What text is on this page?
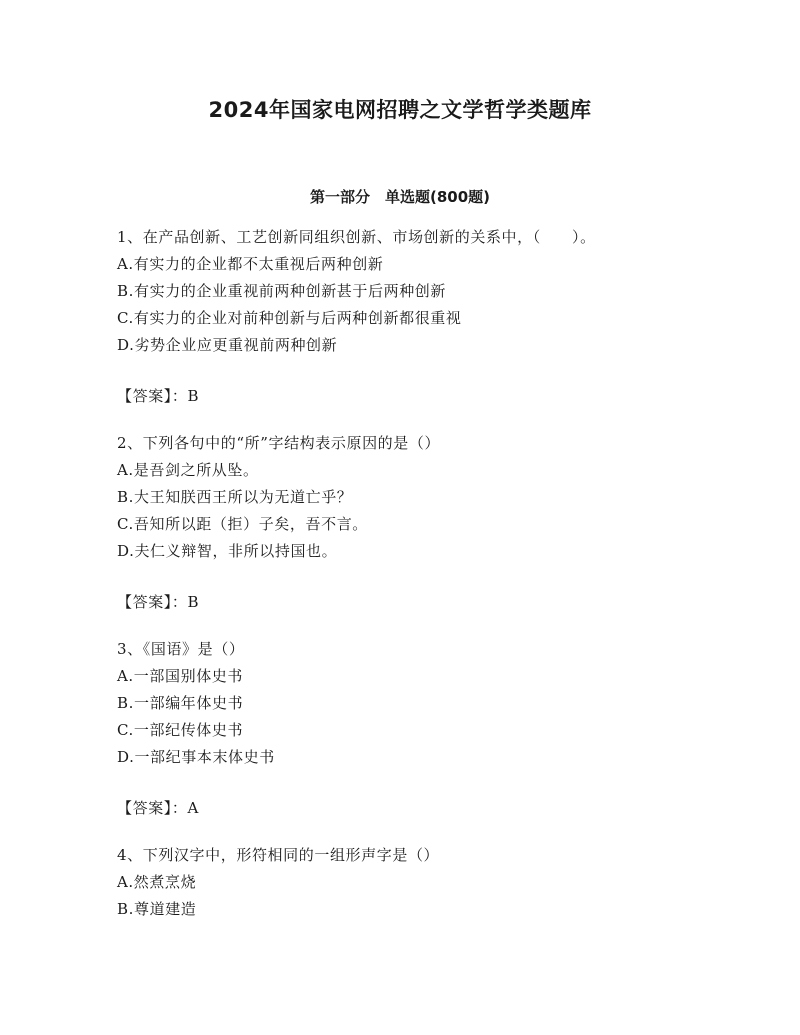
2024年国家电网招聘之文学哲学类题库
第一部分　单选题(800题)

1、在产品创新、工艺创新同组织创新、市场创新的关系中，（　　）。

A.有实力的企业都不太重视后两种创新

B.有实力的企业重视前两种创新甚于后两种创新

C.有实力的企业对前种创新与后两种创新都很重视

D.劣势企业应更重视前两种创新

【答案】：B

2、下列各句中的“所”字结构表示原因的是（）

A.是吾剑之所从坠。

B.大王知朕西王所以为无道亡乎？

C.吾知所以距（拒）子矣，吾不言。

D.夫仁义辩智，非所以持国也。

【答案】：B

3、《国语》是（）

A.一部国别体史书

B.一部编年体史书

C.一部纪传体史书

D.一部纪事本末体史书

【答案】：A

4、下列汉字中，形符相同的一组形声字是（）

A.然煮烹烧

B.尊道建造
